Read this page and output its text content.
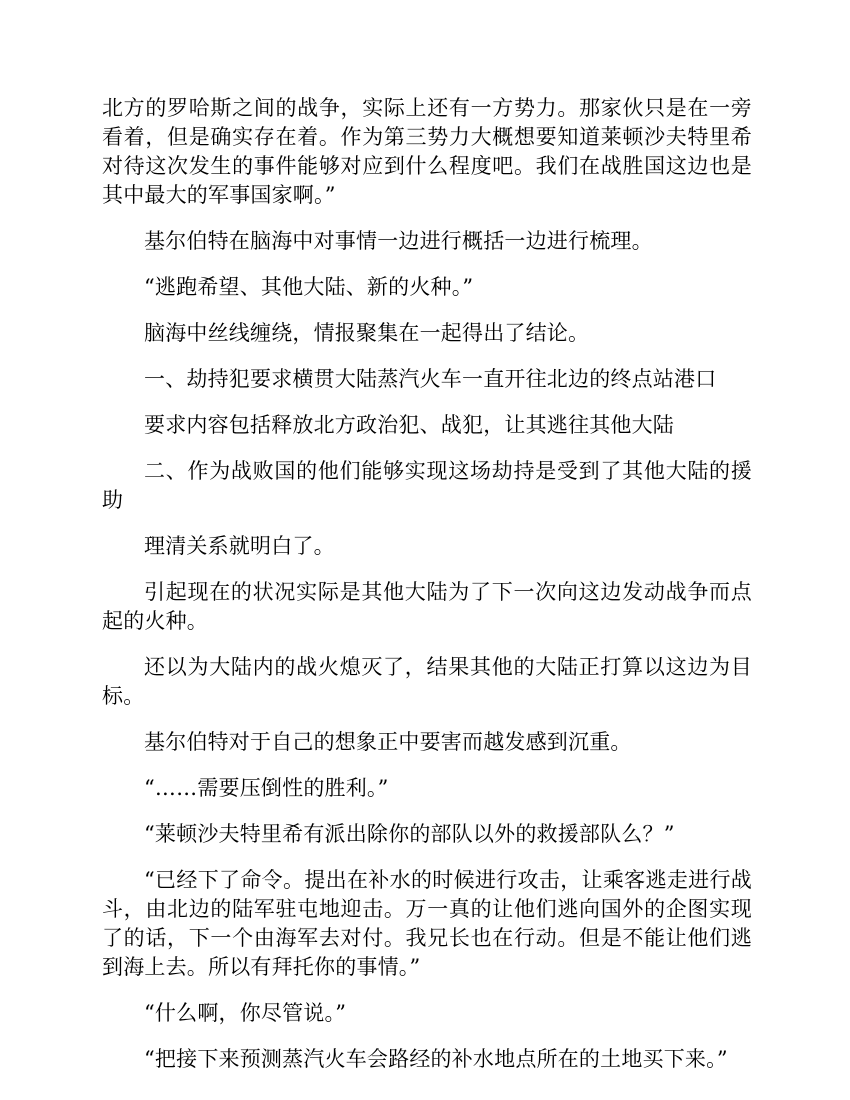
北方的罗哈斯之间的战争，实际上还有一方势力。那家伙只是在一旁看着，但是确实存在着。作为第三势力大概想要知道莱顿沙夫特里希对待这次发生的事件能够对应到什么程度吧。我们在战胜国这边也是其中最大的军事国家啊。”

基尔伯特在脑海中对事情一边进行概括一边进行梳理。

“逃跑希望、其他大陆、新的火种。”

脑海中丝线缠绕，情报聚集在一起得出了结论。

一、劫持犯要求横贯大陆蒸汽火车一直开往北边的终点站港口

要求内容包括释放北方政治犯、战犯，让其逃往其他大陆

二、作为战败国的他们能够实现这场劫持是受到了其他大陆的援助

理清关系就明白了。

引起现在的状况实际是其他大陆为了下一次向这边发动战争而点起的火种。

还以为大陆内的战火熄灭了，结果其他的大陆正打算以这边为目标。

基尔伯特对于自己的想象正中要害而越发感到沉重。

“……需要压倒性的胜利。”

“莱顿沙夫特里希有派出除你的部队以外的救援部队么？”

“已经下了命令。提出在补水的时候进行攻击，让乘客逃走进行战斗，由北边的陆军驻屯地迎击。万一真的让他们逃向国外的企图实现了的话，下一个由海军去对付。我兄长也在行动。但是不能让他们逃到海上去。所以有拜托你的事情。”

“什么啊，你尽管说。”

“把接下来预测蒸汽火车会路经的补水地点所在的土地买下来。”
